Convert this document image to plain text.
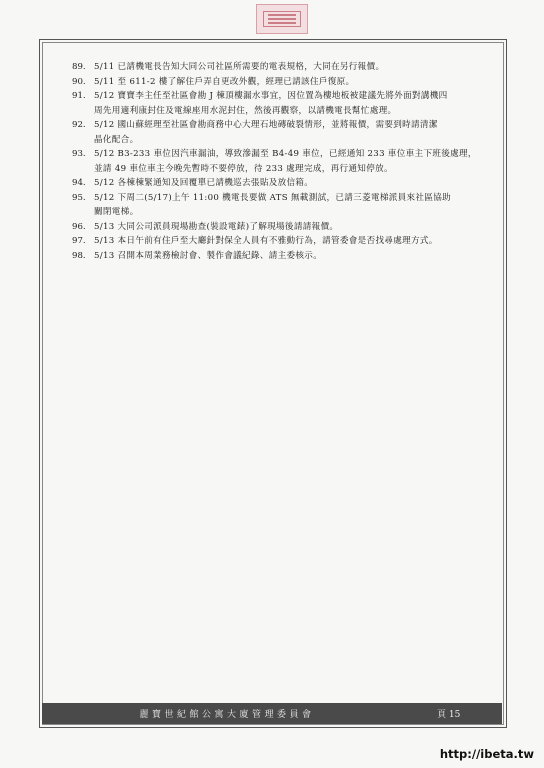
89. 5/11 已請機電長告知大同公司社區所需要的電表規格，大同在另行報價。
90. 5/11 至 611-2 樓了解住戶弄自更改外觀，經理已請該住戶復原。
91. 5/12 寶寶李主任至社區會勘 J 棟頂樓漏水事宜，因位置為樓地板被建議先將外面對講機四
周先用適利康封住及電線座用水泥封住，然後再觀察，以請機電長幫忙處理。
92. 5/12 國山蘇經理至社區會勘商務中心大理石地磚破裂情形，並將報價，需要到時請清潔
晶化配合。
93. 5/12 B3-233 車位因汽車漏油，導致滲漏至 B4-49 車位，已經通知 233 車位車主下班後處理，
並請 49 車位車主今晚先暫時不要停放，待 233 處理完成，再行通知停放。
94. 5/12 各棟棟緊通知及回覆單已請機巡去張貼及放信箱。
95. 5/12 下周二(5/17)上午 11:00 機電長要做 ATS 無載測試，已請三菱電梯派員來社區協助
關閉電梯。
96. 5/13 大同公司派員現場勘查(裝設電錶)了解現場後請請報價。
97. 5/13 本日午前有住戶至大廳針對保全人員有不雅動行為，請管委會是否找尋處理方式。
98. 5/13 召開本周業務檢討會、製作會議紀錄、請主委核示。
麗寶世紀館公寓大廈管理委員會	頁 15
http://ibeta.tw
